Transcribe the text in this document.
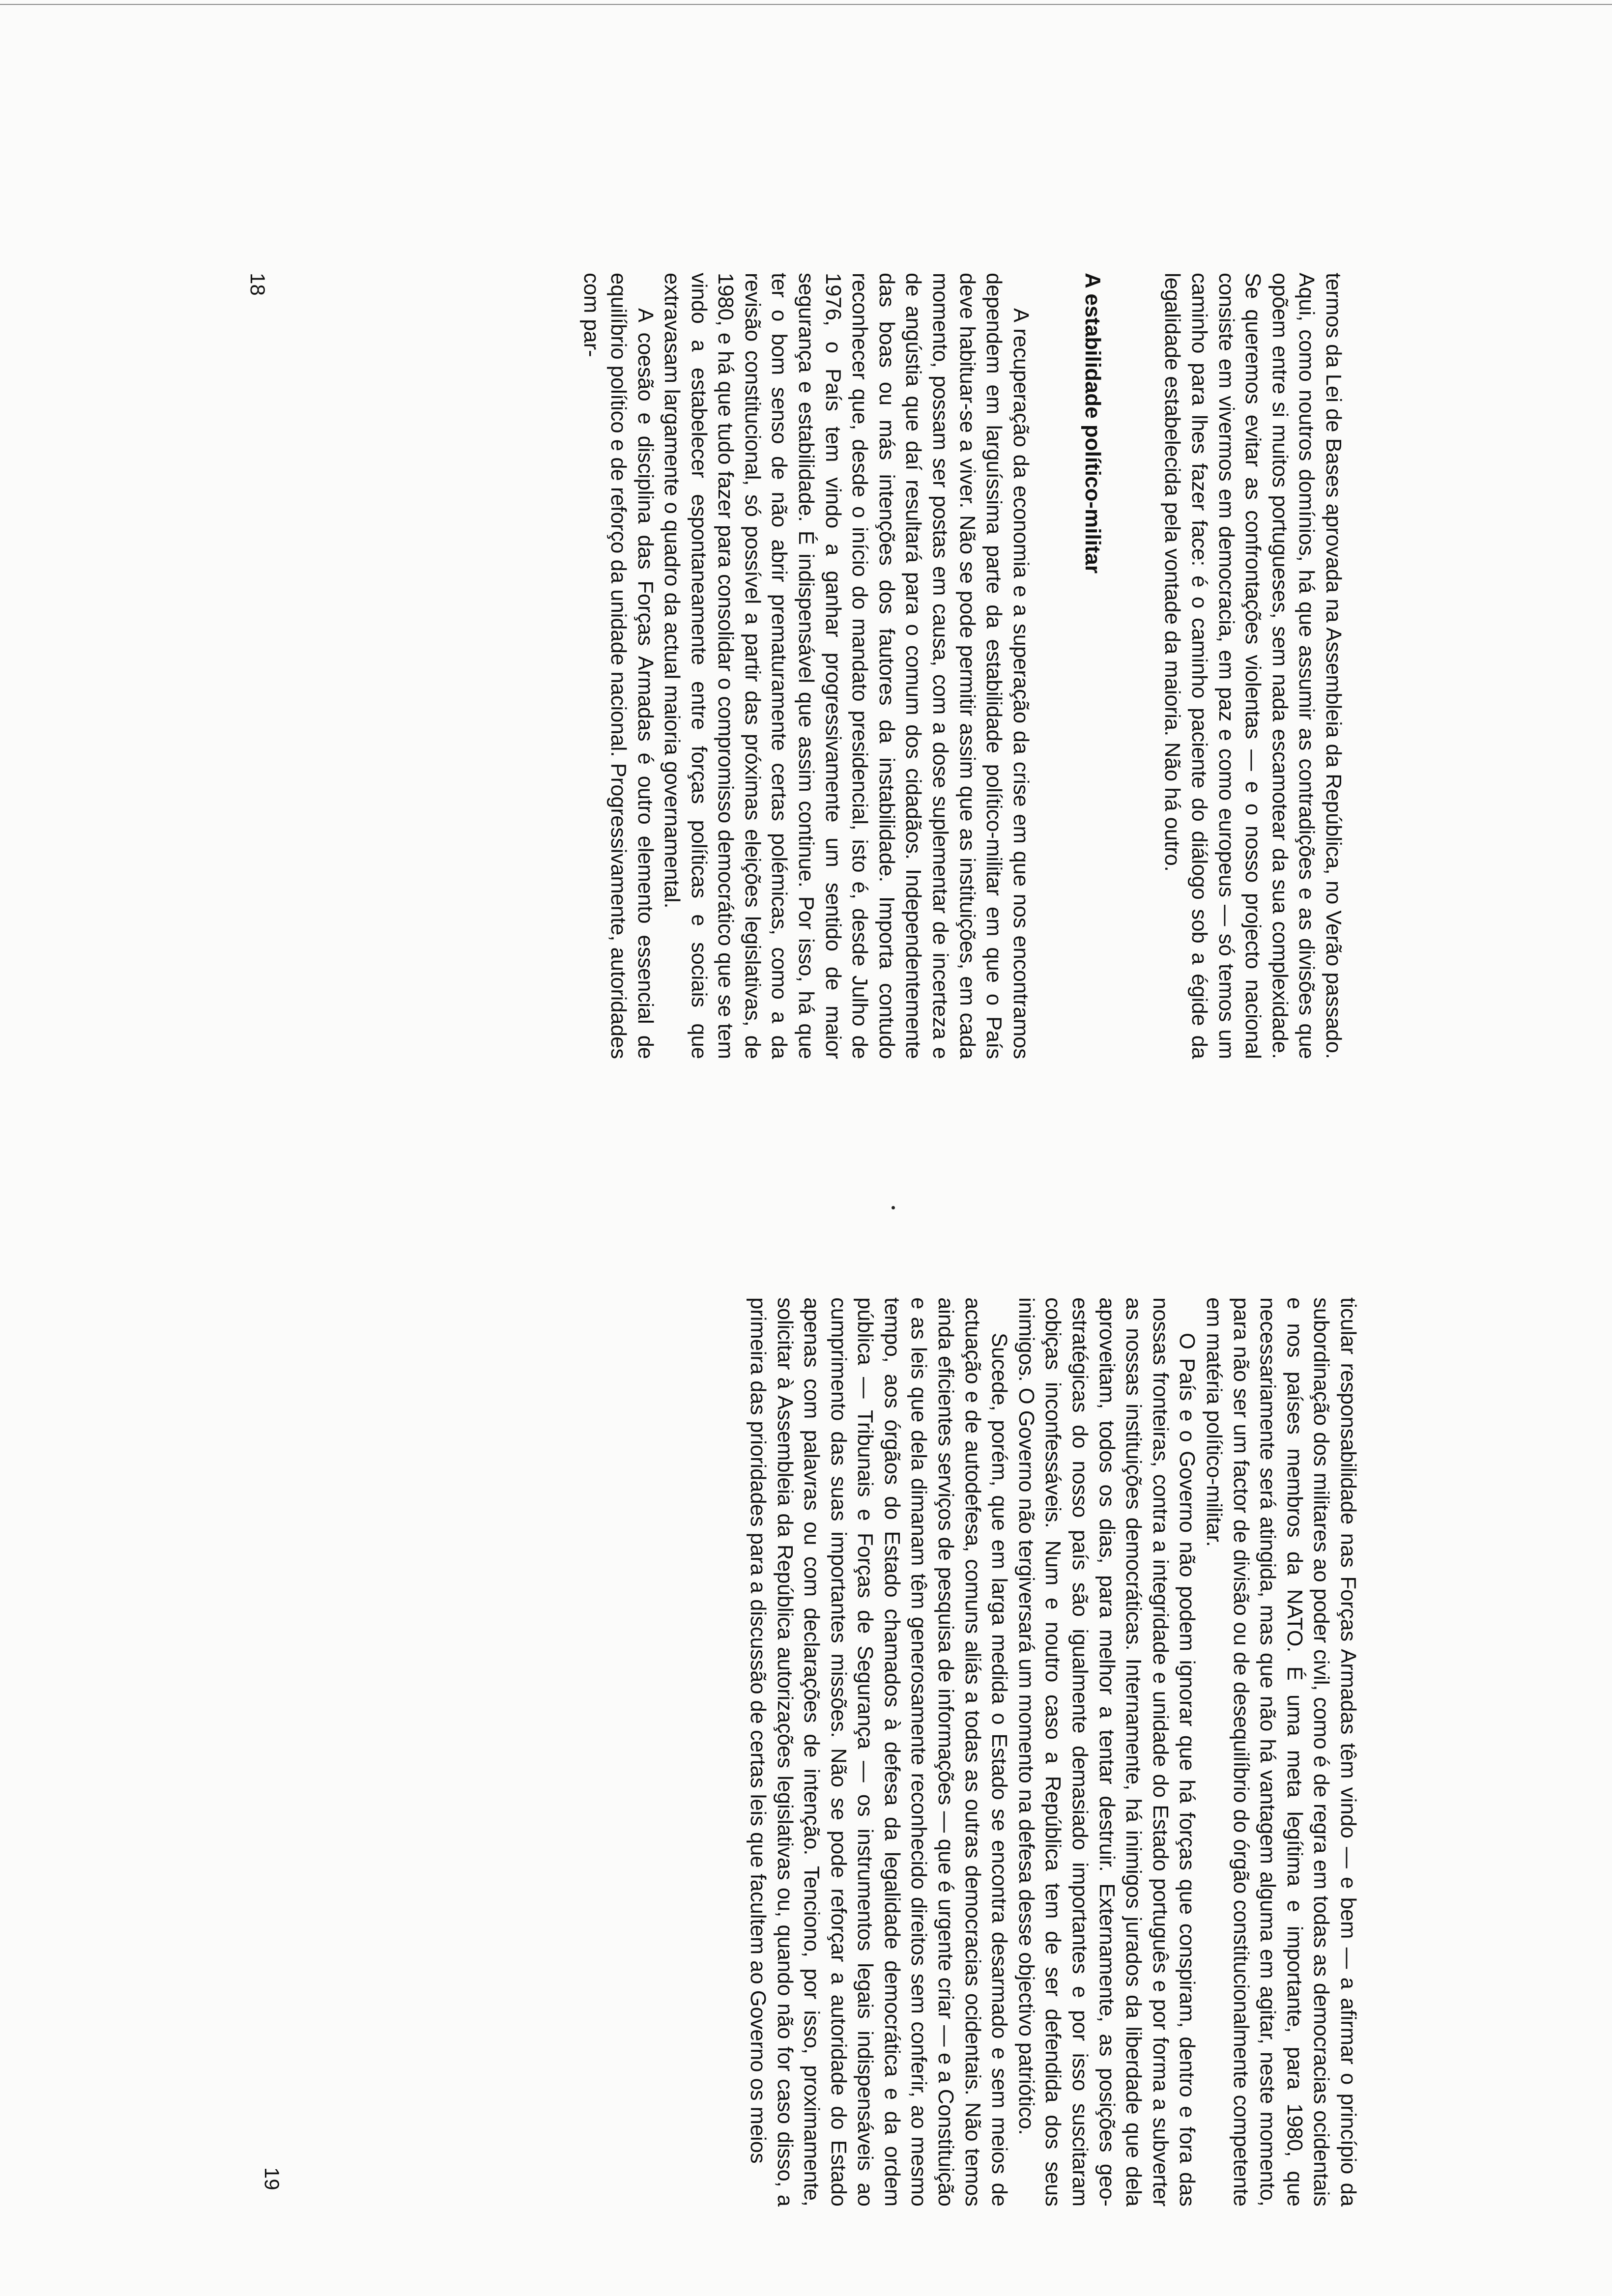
termos da Lei de Bases aprovada na Assembleia da República, no Verão passado. Aqui, como noutros domínios, há que assumir as contradições e as divisões que opõem entre si muitos portugueses, sem nada escamotear da sua complexidade. Se queremos evitar as confrontações violentas — e o nosso projecto nacional consiste em vivermos em democracia, em paz e como europeus — só temos um caminho para lhes fazer face: é o caminho paciente do diálogo sob a égide da legalidade estabelecida pela vontade da maioria. Não há outro.

A estabilidade político-militar

A recuperação da economia e a superação da crise em que nos encontramos dependem em larguíssima parte da estabilidade político-militar em que o País deve habituar-se a viver. Não se pode permitir assim que as instituições, em cada momento, possam ser postas em causa, com a dose suplementar de incerteza e de angústia que daí resultará para o comum dos cidadãos. Independentemente das boas ou más intenções dos fautores da instabilidade. Importa contudo reconhecer que, desde o início do mandato presidencial, isto é, desde Julho de 1976, o País tem vindo a ganhar progressivamente um sentido de maior segurança e estabilidade. É indispensável que assim continue. Por isso, há que ter o bom senso de não abrir prematuramente certas polémicas, como a da revisão constitucional, só possível a partir das próximas eleições legislativas, de 1980, e há que tudo fazer para consolidar o compromisso democrático que se tem vindo a estabelecer espontaneamente entre forças políticas e sociais que extravasam largamente o quadro da actual maioria governamental.

A coesão e disciplina das Forças Armadas é outro elemento essencial de equilíbrio político e de reforço da unidade nacional. Progressivamente, autoridades com par-

18

ticular responsabilidade nas Forças Armadas têm vindo — e bem — a afirmar o princípio da subordinação dos militares ao poder civil, como é de regra em todas as democracias ocidentais e nos países membros da NATO. É uma meta legítima e importante, para 1980, que necessariamente será atingida, mas que não há vantagem alguma em agitar, neste momento, para não ser um factor de divisão ou de desequilíbrio do órgão constitucionalmente competente em matéria político-militar.

O País e o Governo não podem ignorar que há forças que conspiram, dentro e fora das nossas fronteiras, contra a integridade e unidade do Estado português e por forma a subverter as nossas instituições democráticas. Internamente, há inimigos jurados da liberdade que dela aproveitam, todos os dias, para melhor a tentar destruir. Externamente, as posições geo-estratégicas do nosso país são igualmente demasiado importantes e por isso suscitaram cobiças inconfessáveis. Num e noutro caso a República tem de ser defendida dos seus inimigos. O Governo não tergiversará um momento na defesa desse objectivo patriótico.

Sucede, porém, que em larga medida o Estado se encontra desarmado e sem meios de actuação e de autodefesa, comuns aliás a todas as outras democracias ocidentais. Não temos ainda eficientes serviços de pesquisa de informações — que é urgente criar — e a Constituição e as leis que dela dimanam têm generosamente reconhecido direitos sem conferir, ao mesmo tempo, aos órgãos do Estado chamados à defesa da legalidade democrática e da ordem pública — Tribunais e Forças de Segurança — os instrumentos legais indispensáveis ao cumprimento das suas importantes missões. Não se pode reforçar a autoridade do Estado apenas com palavras ou com declarações de intenção. Tenciono, por isso, proximamente, solicitar à Assembleia da República autorizações legislativas ou, quando não for caso disso, a primeira das prioridades para a discussão de certas leis que facultem ao Governo os meios

19
